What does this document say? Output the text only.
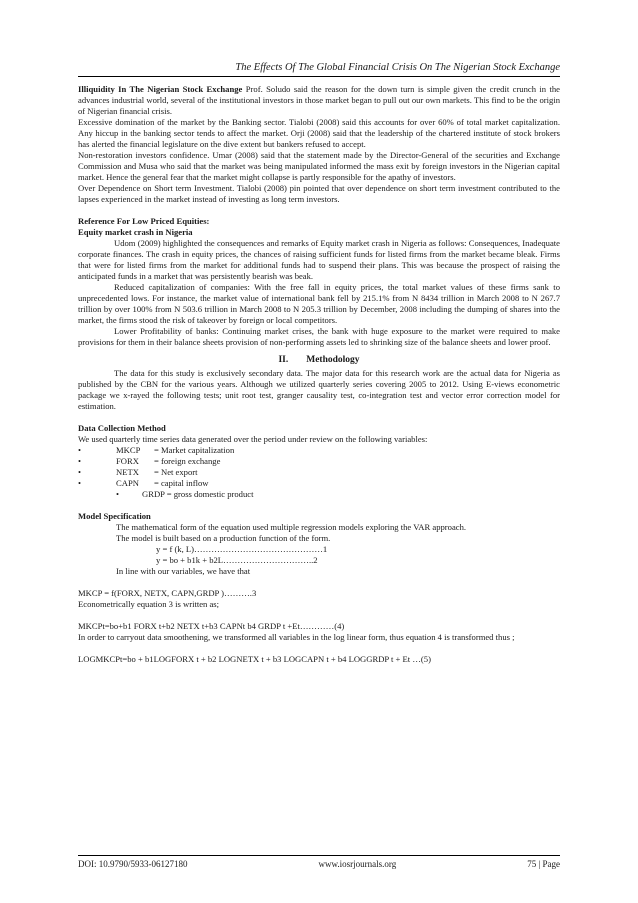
The Effects Of The Global Financial Crisis On The Nigerian Stock Exchange

Illiquidity In The Nigerian Stock Exchange Prof. Soludo said the reason for the down turn is simple given the credit crunch in the advances industrial world, several of the institutional investors in those market began to pull out our own markets. This find to be the origin of Nigerian financial crisis.

Excessive domination of the market by the Banking sector. Tialobi (2008) said this accounts for over 60% of total market capitalization. Any hiccup in the banking sector tends to affect the market. Orji (2008) said that the leadership of the chartered institute of stock brokers has alerted the financial legislature on the dive extent but bankers refused to accept.

Non-restoration investors confidence. Umar (2008) said that the statement made by the Director-General of the securities and Exchange Commission and Musa who said that the market was being manipulated informed the mass exit by foreign investors in the Nigerian capital market. Hence the general fear that the market might collapse is partly responsible for the apathy of investors.

Over Dependence on Short term Investment. Tialobi (2008) pin pointed that over dependence on short term investment contributed to the lapses experienced in the market instead of investing as long term investors.

Reference For Low Priced Equities:

Equity market crash in Nigeria

Udom (2009) highlighted the consequences and remarks of Equity market crash in Nigeria as follows: Consequences, Inadequate corporate finances. The crash in equity prices, the chances of raising sufficient funds for listed firms from the market became bleak. Firms that were for listed firms from the market for additional funds had to suspend their plans. This was because the prospect of raising the anticipated funds in a market that was persistently bearish was beak.

Reduced capitalization of companies: With the free fall in equity prices, the total market values of these firms sank to unprecedented lows. For instance, the market value of international bank fell by 215.1% from N 8434 trillion in March 2008 to N 267.7 trillion by over 100% from N 503.6 trillion in March 2008 to N 205.3 trillion by December, 2008 including the dumping of shares into the market, the firms stood the risk of takeover by foreign or local competitors.

Lower Profitability of banks: Continuing market crises, the bank with huge exposure to the market were required to make provisions for them in their balance sheets provision of non-performing assets led to shrinking size of the balance sheets and lower proof.

II. Methodology

The data for this study is exclusively secondary data. The major data for this research work are the actual data for Nigeria as published by the CBN for the various years. Although we utilized quarterly series covering 2005 to 2012. Using E-views econometric package we x-rayed the following tests; unit root test, granger causality test, co-integration test and vector error correction model for estimation.

Data Collection Method

We used quarterly time series data generated over the period under review on the following variables:

•	MKCP	= Market capitalization
•	FORX	= foreign exchange
•	NETX	= Net export
•	CAPN	= capital inflow
•	GRDP = gross domestic product

Model Specification

The mathematical form of the equation used multiple regression models exploring the VAR approach.

The model is built based on a production function of the form.

y = f (k, L)………………………………………1

y = bo + b1k + b2L…………………………..2

In line with our variables, we have that

MKCP = f(FORX, NETX, CAPN,GRDP )……….3

Econometrically equation 3 is written as;

MKCPt=bo+b1 FORX t+b2 NETX t+b3 CAPNt b4 GRDP t +Et…………(4)

In order to carryout data smoothening, we transformed all variables in the log linear form, thus equation 4 is transformed thus ;

LOGMKCPt=bo + b1LOGFORX t + b2 LOGNETX t + b3 LOGCAPN t + b4 LOGGRDP t + Et …(5)

DOI: 10.9790/5933-06127180	www.iosrjournals.org	75 | Page
